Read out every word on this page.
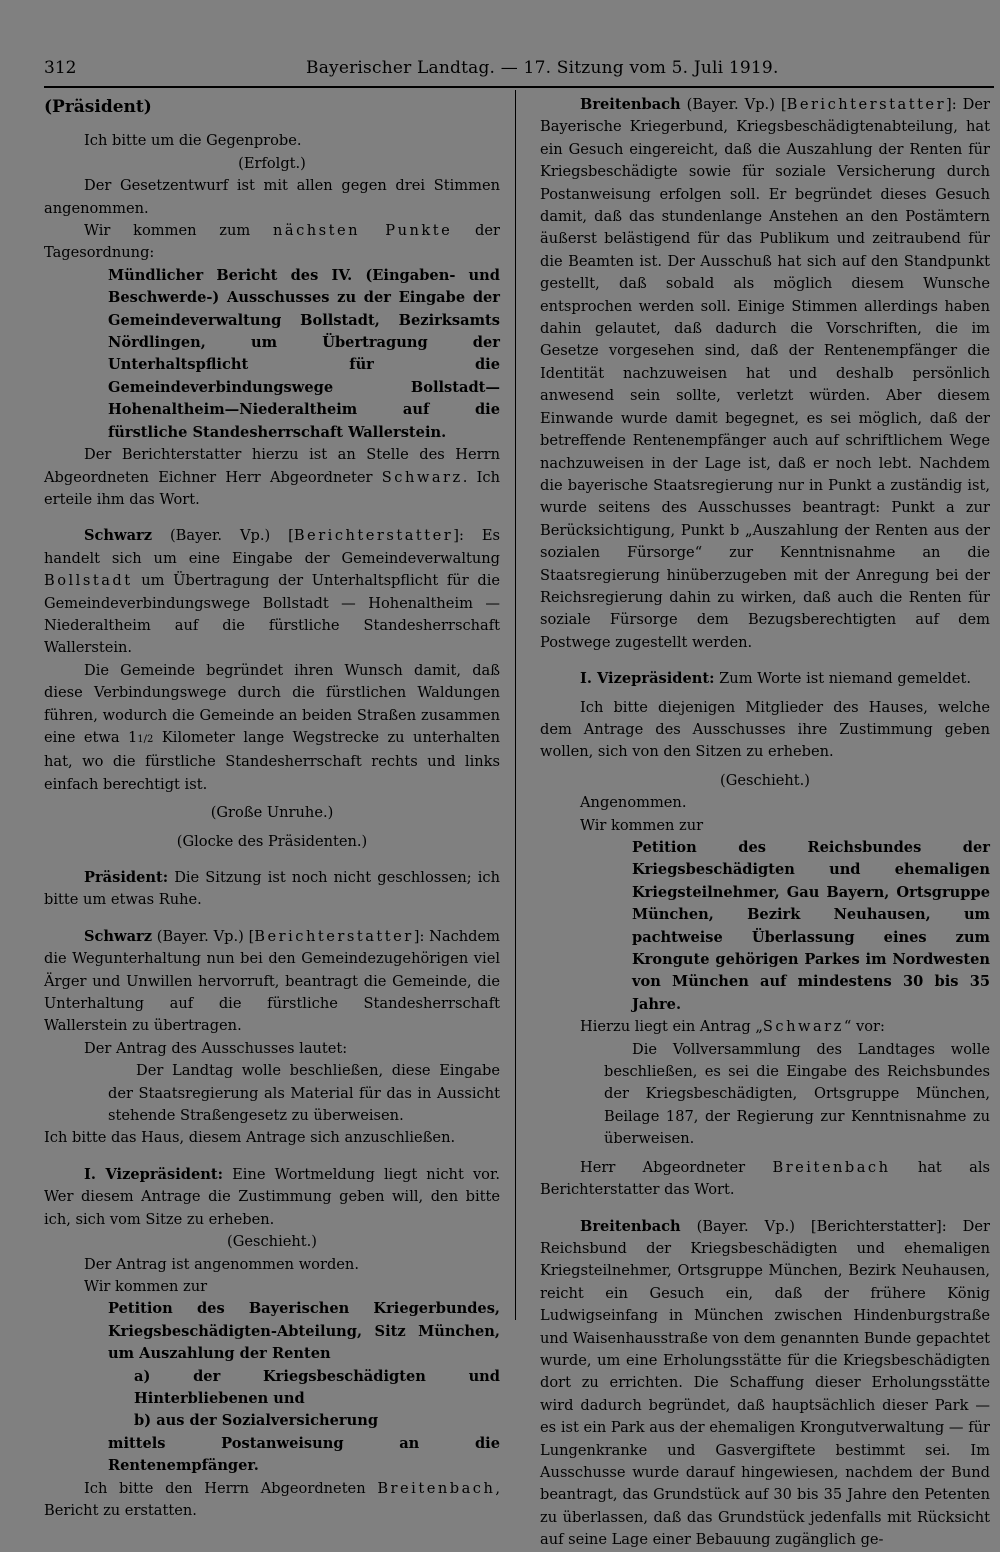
312	Bayerischer Landtag. — 17. Sitzung vom 5. Juli 1919.

(Präsident)

Ich bitte um die Gegenprobe.

(Erfolgt.)

Der Gesetzentwurf ist mit allen gegen drei Stimmen angenommen.

Wir kommen zum nächsten Punkte der Tagesordnung:

Mündlicher Bericht des IV. (Eingaben- und Beschwerde-) Ausschusses zu der Eingabe der Gemeindeverwaltung Bollstadt, Bezirksamts Nördlingen, um Übertragung der Unterhaltspflicht für die Gemeindeverbindungswege Bollstadt—Hohenaltheim—Niederaltheim auf die fürstliche Standesherrschaft Wallerstein.

Der Berichterstatter hierzu ist an Stelle des Herrn Abgeordneten Eichner Herr Abgeordneter Schwarz. Ich erteile ihm das Wort.

Schwarz (Bayer. Vp.) [Berichterstatter]: Es handelt sich um eine Eingabe der Gemeindeverwaltung Bollstadt um Übertragung der Unterhaltspflicht für die Gemeindeverbindungswege Bollstadt — Hohenaltheim — Niederaltheim auf die fürstliche Standesherrschaft Wallerstein.

Die Gemeinde begründet ihren Wunsch damit, daß diese Verbindungswege durch die fürstlichen Waldungen führen, wodurch die Gemeinde an beiden Straßen zusammen eine etwa 11/2 Kilometer lange Wegstrecke zu unterhalten hat, wo die fürstliche Standesherrschaft rechts und links einfach berechtigt ist.

(Große Unruhe.)

(Glocke des Präsidenten.)

Präsident: Die Sitzung ist noch nicht geschlossen; ich bitte um etwas Ruhe.

Schwarz (Bayer. Vp.) [Berichterstatter]: Nachdem die Wegunterhaltung nun bei den Gemeindezugehörigen viel Ärger und Unwillen hervorruft, beantragt die Gemeinde, die Unterhaltung auf die fürstliche Standesherrschaft Wallerstein zu übertragen.

Der Antrag des Ausschusses lautet:

Der Landtag wolle beschließen, diese Eingabe der Staatsregierung als Material für das in Aussicht stehende Straßengesetz zu überweisen.

Ich bitte das Haus, diesem Antrage sich anzuschließen.

I. Vizepräsident: Eine Wortmeldung liegt nicht vor. Wer diesem Antrage die Zustimmung geben will, den bitte ich, sich vom Sitze zu erheben.

(Geschieht.)

Der Antrag ist angenommen worden.

Wir kommen zur

Petition des Bayerischen Kriegerbundes, Kriegsbeschädigten-Abteilung, Sitz München, um Auszahlung der Renten

a) der Kriegsbeschädigten und Hinterbliebenen und

b) aus der Sozialversicherung

mittels Postanweisung an die Rentenempfänger.

Ich bitte den Herrn Abgeordneten Breitenbach, Bericht zu erstatten.

Breitenbach (Bayer. Vp.) [Berichterstatter]: Der Bayerische Kriegerbund, Kriegsbeschädigtenabteilung, hat ein Gesuch eingereicht, daß die Auszahlung der Renten für Kriegsbeschädigte sowie für soziale Versicherung durch Postanweisung erfolgen soll. Er begründet dieses Gesuch damit, daß das stundenlange Anstehen an den Postämtern äußerst belästigend für das Publikum und zeitraubend für die Beamten ist. Der Ausschuß hat sich auf den Standpunkt gestellt, daß sobald als möglich diesem Wunsche entsprochen werden soll. Einige Stimmen allerdings haben dahin gelautet, daß dadurch die Vorschriften, die im Gesetze vorgesehen sind, daß der Rentenempfänger die Identität nachzuweisen hat und deshalb persönlich anwesend sein sollte, verletzt würden. Aber diesem Einwande wurde damit begegnet, es sei möglich, daß der betreffende Rentenempfänger auch auf schriftlichem Wege nachzuweisen in der Lage ist, daß er noch lebt. Nachdem die bayerische Staatsregierung nur in Punkt a zuständig ist, wurde seitens des Ausschusses beantragt: Punkt a zur Berücksichtigung, Punkt b „Auszahlung der Renten aus der sozialen Fürsorge“ zur Kenntnisnahme an die Staatsregierung hinüberzugeben mit der Anregung bei der Reichsregierung dahin zu wirken, daß auch die Renten für soziale Fürsorge dem Bezugsberechtigten auf dem Postwege zugestellt werden.

I. Vizepräsident: Zum Worte ist niemand gemeldet.

Ich bitte diejenigen Mitglieder des Hauses, welche dem Antrage des Ausschusses ihre Zustimmung geben wollen, sich von den Sitzen zu erheben.

(Geschieht.)

Angenommen.

Wir kommen zur

Petition des Reichsbundes der Kriegsbeschädigten und ehemaligen Kriegsteilnehmer, Gau Bayern, Ortsgruppe München, Bezirk Neuhausen, um pachtweise Überlassung eines zum Krongute gehörigen Parkes im Nordwesten von München auf mindestens 30 bis 35 Jahre.

Hierzu liegt ein Antrag „Schwarz“ vor:

Die Vollversammlung des Landtages wolle beschließen, es sei die Eingabe des Reichsbundes der Kriegsbeschädigten, Ortsgruppe München, Beilage 187, der Regierung zur Kenntnisnahme zu überweisen.

Herr Abgeordneter Breitenbach hat als Berichterstatter das Wort.

Breitenbach (Bayer. Vp.) [Berichterstatter]: Der Reichsbund der Kriegsbeschädigten und ehemaligen Kriegsteilnehmer, Ortsgruppe München, Bezirk Neuhausen, reicht ein Gesuch ein, daß der frühere König Ludwigseinfang in München zwischen Hindenburgstraße und Waisenhausstraße von dem genannten Bunde gepachtet wurde, um eine Erholungsstätte für die Kriegsbeschädigten dort zu errichten. Die Schaffung dieser Erholungsstätte wird dadurch begründet, daß hauptsächlich dieser Park — es ist ein Park aus der ehemaligen Krongutverwaltung — für Lungenkranke und Gasvergiftete bestimmt sei. Im Ausschusse wurde darauf hingewiesen, nachdem der Bund beantragt, das Grundstück auf 30 bis 35 Jahre den Petenten zu überlassen, daß das Grundstück jedenfalls mit Rücksicht auf seine Lage einer Bebauung zugänglich ge-
